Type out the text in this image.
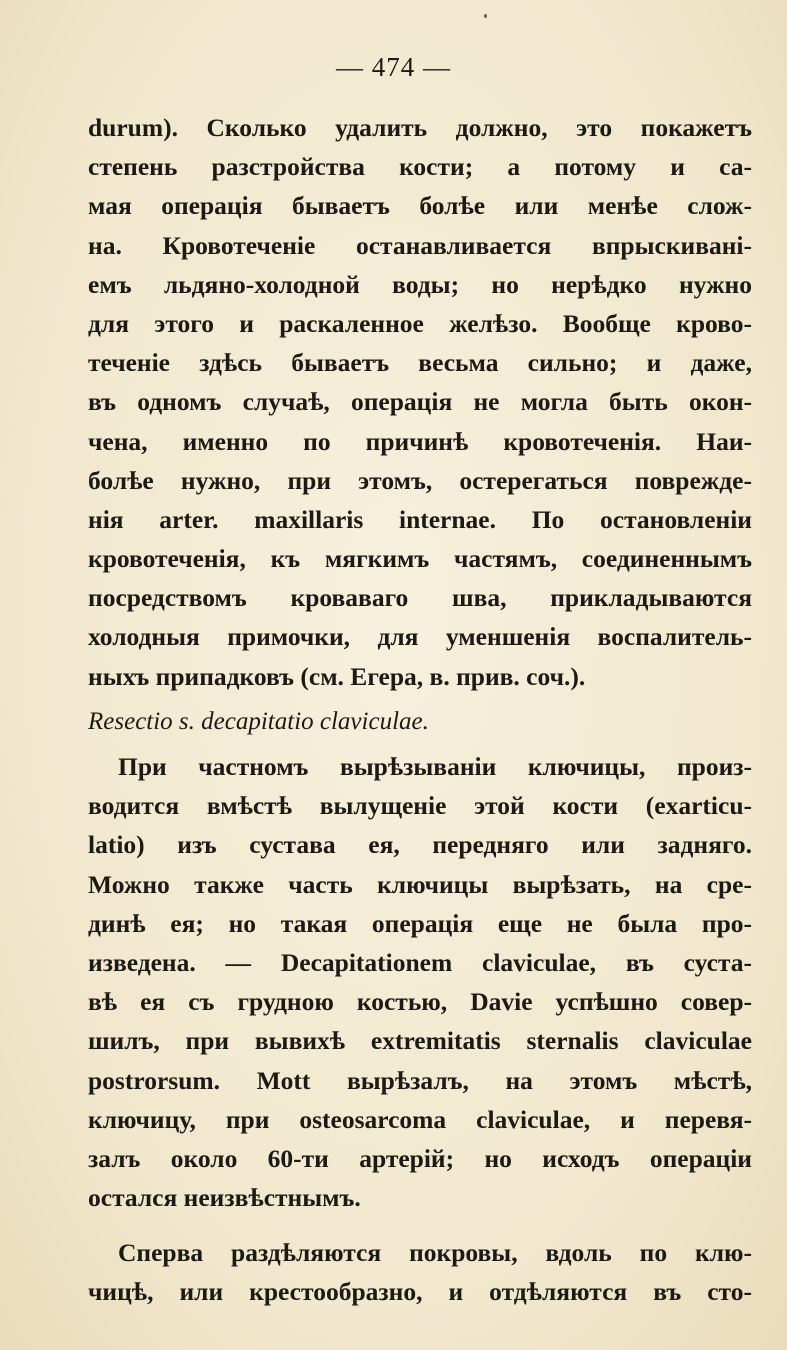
— 474 —
durum). Сколько удалить должно, это покажетъ
степень разстройства кости; а потому и са-
мая операція бываетъ болѣе или менѣе слож-
на. Кровотеченіе останавливается впрыскивані-
емъ льдяно-холодной воды; но нерѣдко нужно
для этого и раскаленное желѣзо. Вообще крово-
теченіе здѣсь бываетъ весьма сильно; и даже,
въ одномъ случаѣ, операція не могла быть окон-
чена, именно по причинѣ кровотеченія. Наи-
болѣе нужно, при этомъ, остерегаться поврежде-
нія arter. maxillaris internae. По остановленіи
кровотеченія, къ мягкимъ частямъ, соединеннымъ
посредствомъ кроваваго шва, прикладываются
холодныя примочки, для уменшенія воспалитель-
ныхъ припадковъ (см. Егера, в. прив. соч.).
Resectio s. decapitatio claviculae.
При частномъ вырѣзываніи ключицы, произ-
водится вмѣстѣ вылущеніе этой кости (exarticu-
latio) изъ сустава ея, передняго или задняго.
Можно также часть ключицы вырѣзать, на сре-
динѣ ея; но такая операція еще не была про-
изведена. — Decapitationem claviculae, въ суста-
вѣ ея съ грудною костью, Davie успѣшно совер-
шилъ, при вывихѣ extremitatis sternalis claviculae
postrorsum. Mott вырѣзалъ, на этомъ мѣстѣ,
ключицу, при osteosarcoma claviculae, и перевя-
залъ около 60-ти артерій; но исходъ операціи
остался неизвѣстнымъ.
Сперва раздѣляются покровы, вдоль по клю-
чицѣ, или крестообразно, и отдѣляются въ сто-
